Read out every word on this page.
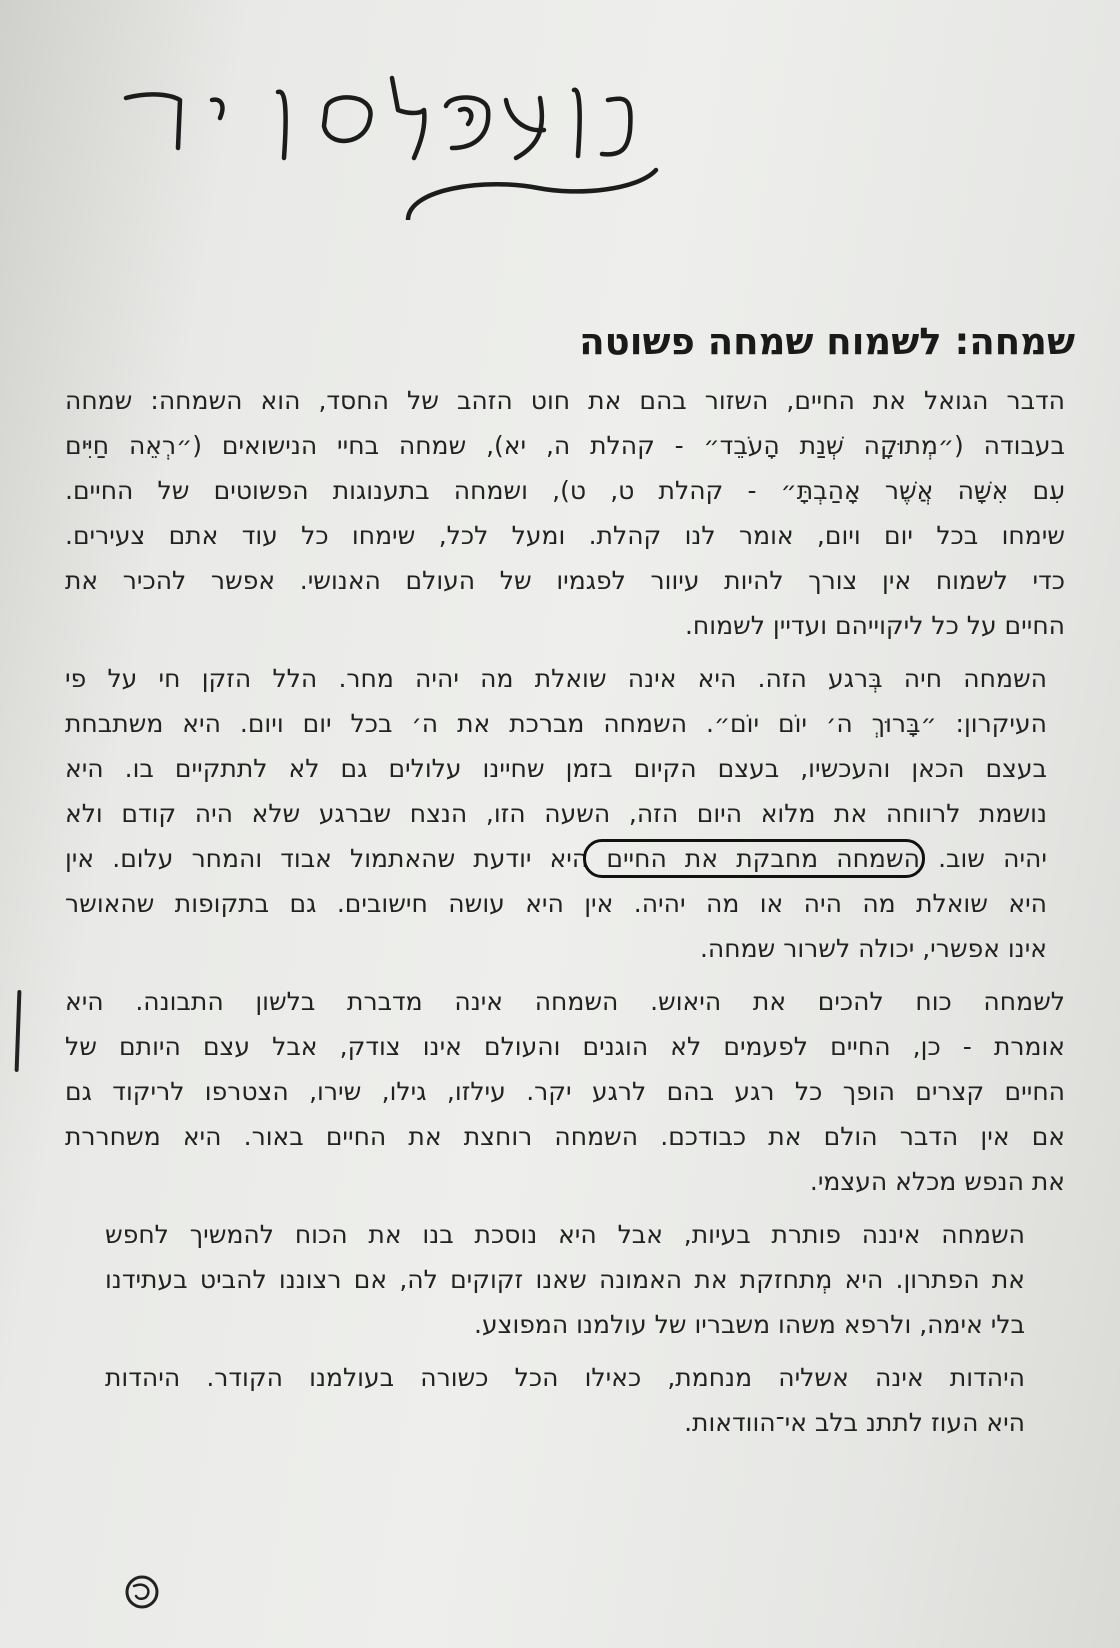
שמחה: לשמוח שמחה פשוטה
הדבר הגואל את החיים, השזור בהם את חוט הזהב של החסד, הוא השמחה: שמחה
בעבודה (״מְתוּקָה שְׁנַת הָעֹבֵד״ - קהלת ה, יא), שמחה בחיי הנישואים (״רְאֵה חַיִּים
עִם אִשָּׁה אֲשֶׁר אָהַבְתָּ״ - קהלת ט, ט), ושמחה בתענוגות הפשוטים של החיים.
שימחו בכל יום ויום, אומר לנו קהלת. ומעל לכל, שימחו כל עוד אתם צעירים.
כדי לשמוח אין צורך להיות עיוור לפגמיו של העולם האנושי. אפשר להכיר את
החיים על כל ליקוייהם ועדיין לשמוח.
השמחה חיה בְּרגע הזה. היא אינה שואלת מה יהיה מחר. הלל הזקן חי על פי
העיקרון: ״בָּרוּךְ ה׳ יוֹם יוֹם״. השמחה מברכת את ה׳ בכל יום ויום. היא משתבחת
בעצם הכאן והעכשיו, בעצם הקיום בזמן שחיינו עלולים גם לא לתתקיים בו. היא
נושמת לרווחה את מלוא היום הזה, השעה הזו, הנצח שברגע שלא היה קודם ולא
יהיה שוב. השמחה מחבקת את החיים היא יודעת שהאתמול אבוד והמחר עלום. אין
היא שואלת מה היה או מה יהיה. אין היא עושה חישובים. גם בתקופות שהאושר
אינו אפשרי, יכולה לשרור שמחה.
לשמחה כוח להכים את היאוש. השמחה אינה מדברת בלשון התבונה. היא
אומרת - כן, החיים לפעמים לא הוגנים והעולם אינו צודק, אבל עצם היותם של
החיים קצרים הופך כל רגע בהם לרגע יקר. עילזו, גילו, שירו, הצטרפו לריקוד גם
אם אין הדבר הולם את כבודכם. השמחה רוחצת את החיים באור. היא משחררת
את הנפש מכלא העצמי.
השמחה איננה פותרת בעיות, אבל היא נוסכת בנו את הכוח להמשיך לחפש
את הפתרון. היא מְתחזקת את האמונה שאנו זקוקים לה, אם רצוננו להביט בעתידנו
בלי אימה, ולרפא משהו משבריו של עולמנו המפוצע.
היהדות אינה אשליה מנחמת, כאילו הכל כשורה בעולמנו הקודר. היהדות
היא העוז לתתנ בלב אי־הוודאות.
